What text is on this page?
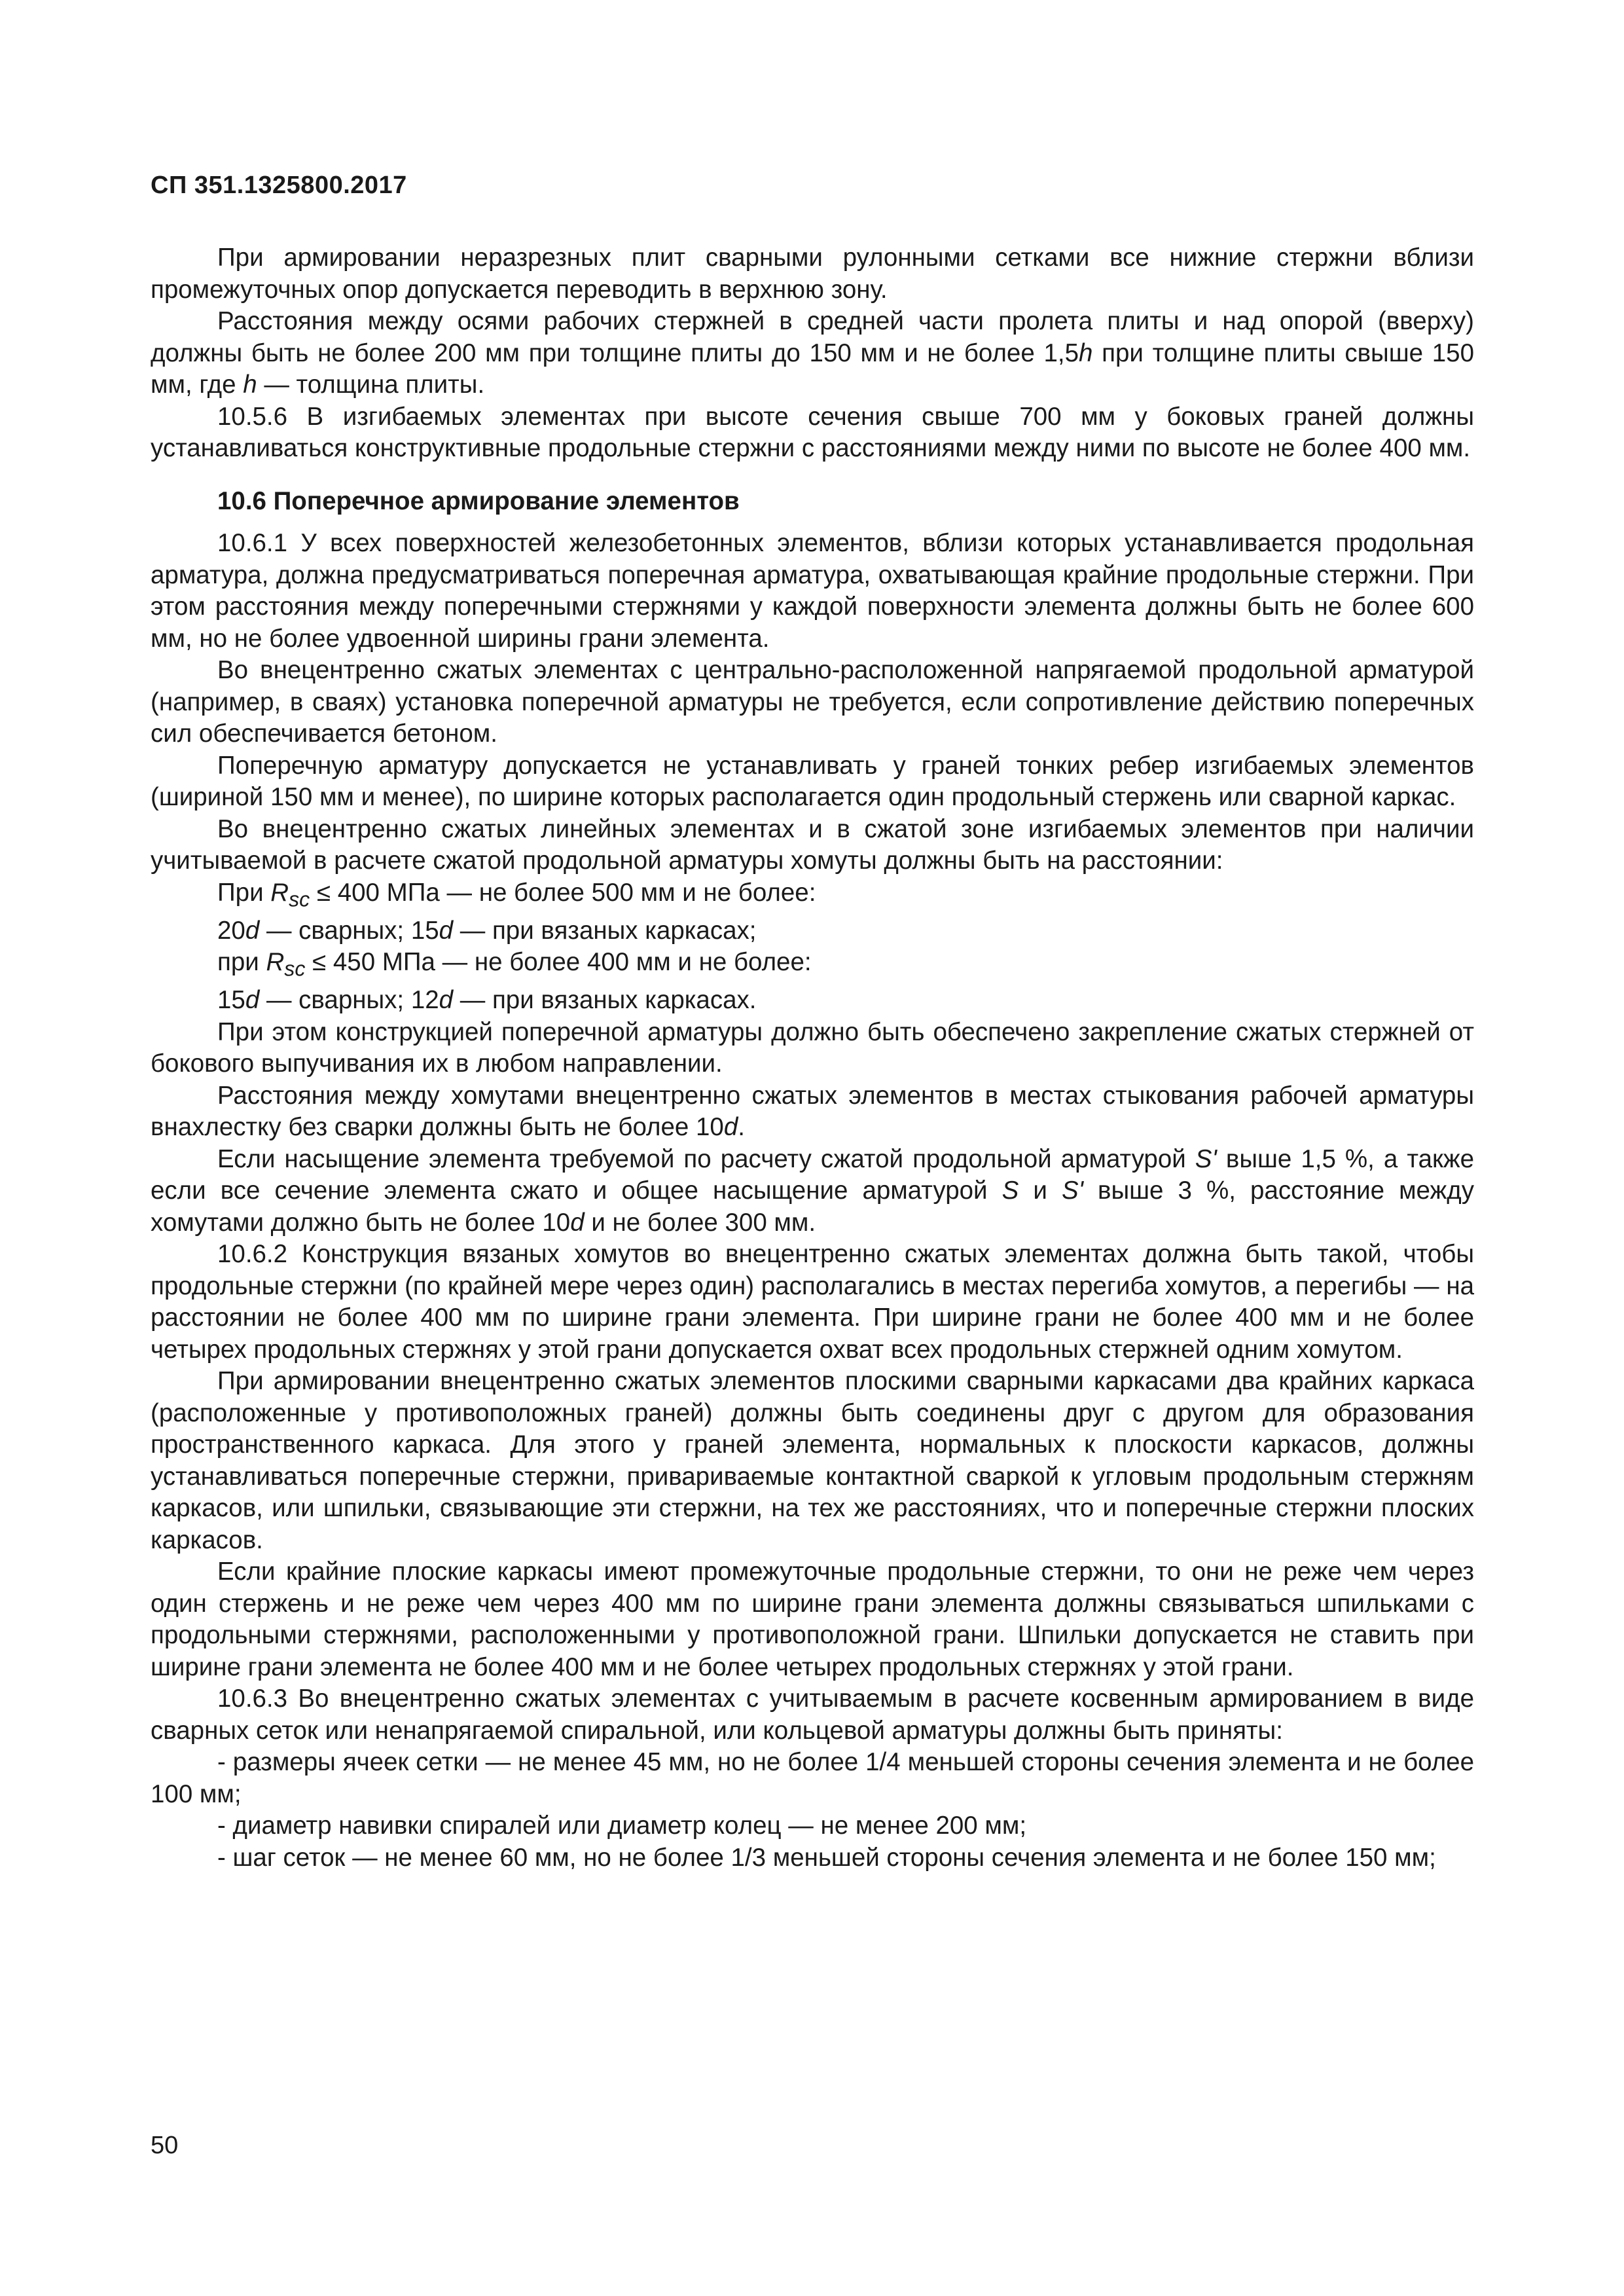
СП 351.1325800.2017

При армировании неразрезных плит сварными рулонными сетками все нижние стержни вблизи промежуточных опор допускается переводить в верхнюю зону.

Расстояния между осями рабочих стержней в средней части пролета плиты и над опорой (вверху) должны быть не более 200 мм при толщине плиты до 150 мм и не более 1,5h при толщине плиты свыше 150 мм, где h — толщина плиты.

10.5.6 В изгибаемых элементах при высоте сечения свыше 700 мм у боковых граней должны устанавливаться конструктивные продольные стержни с расстояниями между ними по высоте не более 400 мм.

10.6 Поперечное армирование элементов

10.6.1 У всех поверхностей железобетонных элементов, вблизи которых устанавливается продольная арматура, должна предусматриваться поперечная арматура, охватывающая крайние продольные стержни. При этом расстояния между поперечными стержнями у каждой поверхности элемента должны быть не более 600 мм, но не более удвоенной ширины грани элемента.

Во внецентренно сжатых элементах с центрально-расположенной напрягаемой продольной арматурой (например, в сваях) установка поперечной арматуры не требуется, если сопротивление действию поперечных сил обеспечивается бетоном.

Поперечную арматуру допускается не устанавливать у граней тонких ребер изгибаемых элементов (шириной 150 мм и менее), по ширине которых располагается один продольный стержень или сварной каркас.

Во внецентренно сжатых линейных элементах и в сжатой зоне изгибаемых элементов при наличии учитываемой в расчете сжатой продольной арматуры хомуты должны быть на расстоянии:

При $R_{sc} \le 400$ МПа — не более 500 мм и не более:

20d — сварных; 15d — при вязаных каркасах;

при $R_{sc} \le 450$ МПа — не более 400 мм и не более:

15d — сварных; 12d — при вязаных каркасах.

При этом конструкцией поперечной арматуры должно быть обеспечено закрепление сжатых стержней от бокового выпучивания их в любом направлении.

Расстояния между хомутами внецентренно сжатых элементов в местах стыкования рабочей арматуры внахлестку без сварки должны быть не более 10d.

Если насыщение элемента требуемой по расчету сжатой продольной арматурой S' выше 1,5 %, а также если все сечение элемента сжато и общее насыщение арматурой S и S' выше 3 %, расстояние между хомутами должно быть не более 10d и не более 300 мм.

10.6.2 Конструкция вязаных хомутов во внецентренно сжатых элементах должна быть такой, чтобы продольные стержни (по крайней мере через один) располагались в местах перегиба хомутов, а перегибы — на расстоянии не более 400 мм по ширине грани элемента. При ширине грани не более 400 мм и не более четырех продольных стержнях у этой грани допускается охват всех продольных стержней одним хомутом.

При армировании внецентренно сжатых элементов плоскими сварными каркасами два крайних каркаса (расположенные у противоположных граней) должны быть соединены друг с другом для образования пространственного каркаса. Для этого у граней элемента, нормальных к плоскости каркасов, должны устанавливаться поперечные стержни, привариваемые контактной сваркой к угловым продольным стержням каркасов, или шпильки, связывающие эти стержни, на тех же расстояниях, что и поперечные стержни плоских каркасов.

Если крайние плоские каркасы имеют промежуточные продольные стержни, то они не реже чем через один стержень и не реже чем через 400 мм по ширине грани элемента должны связываться шпильками с продольными стержнями, расположенными у противоположной грани. Шпильки допускается не ставить при ширине грани элемента не более 400 мм и не более четырех продольных стержнях у этой грани.

10.6.3 Во внецентренно сжатых элементах с учитываемым в расчете косвенным армированием в виде сварных сеток или ненапрягаемой спиральной, или кольцевой арматуры должны быть приняты:

- размеры ячеек сетки — не менее 45 мм, но не более 1/4 меньшей стороны сечения элемента и не более 100 мм;

- диаметр навивки спиралей или диаметр колец — не менее 200 мм;

- шаг сеток — не менее 60 мм, но не более 1/3 меньшей стороны сечения элемента и не более 150 мм;

50
